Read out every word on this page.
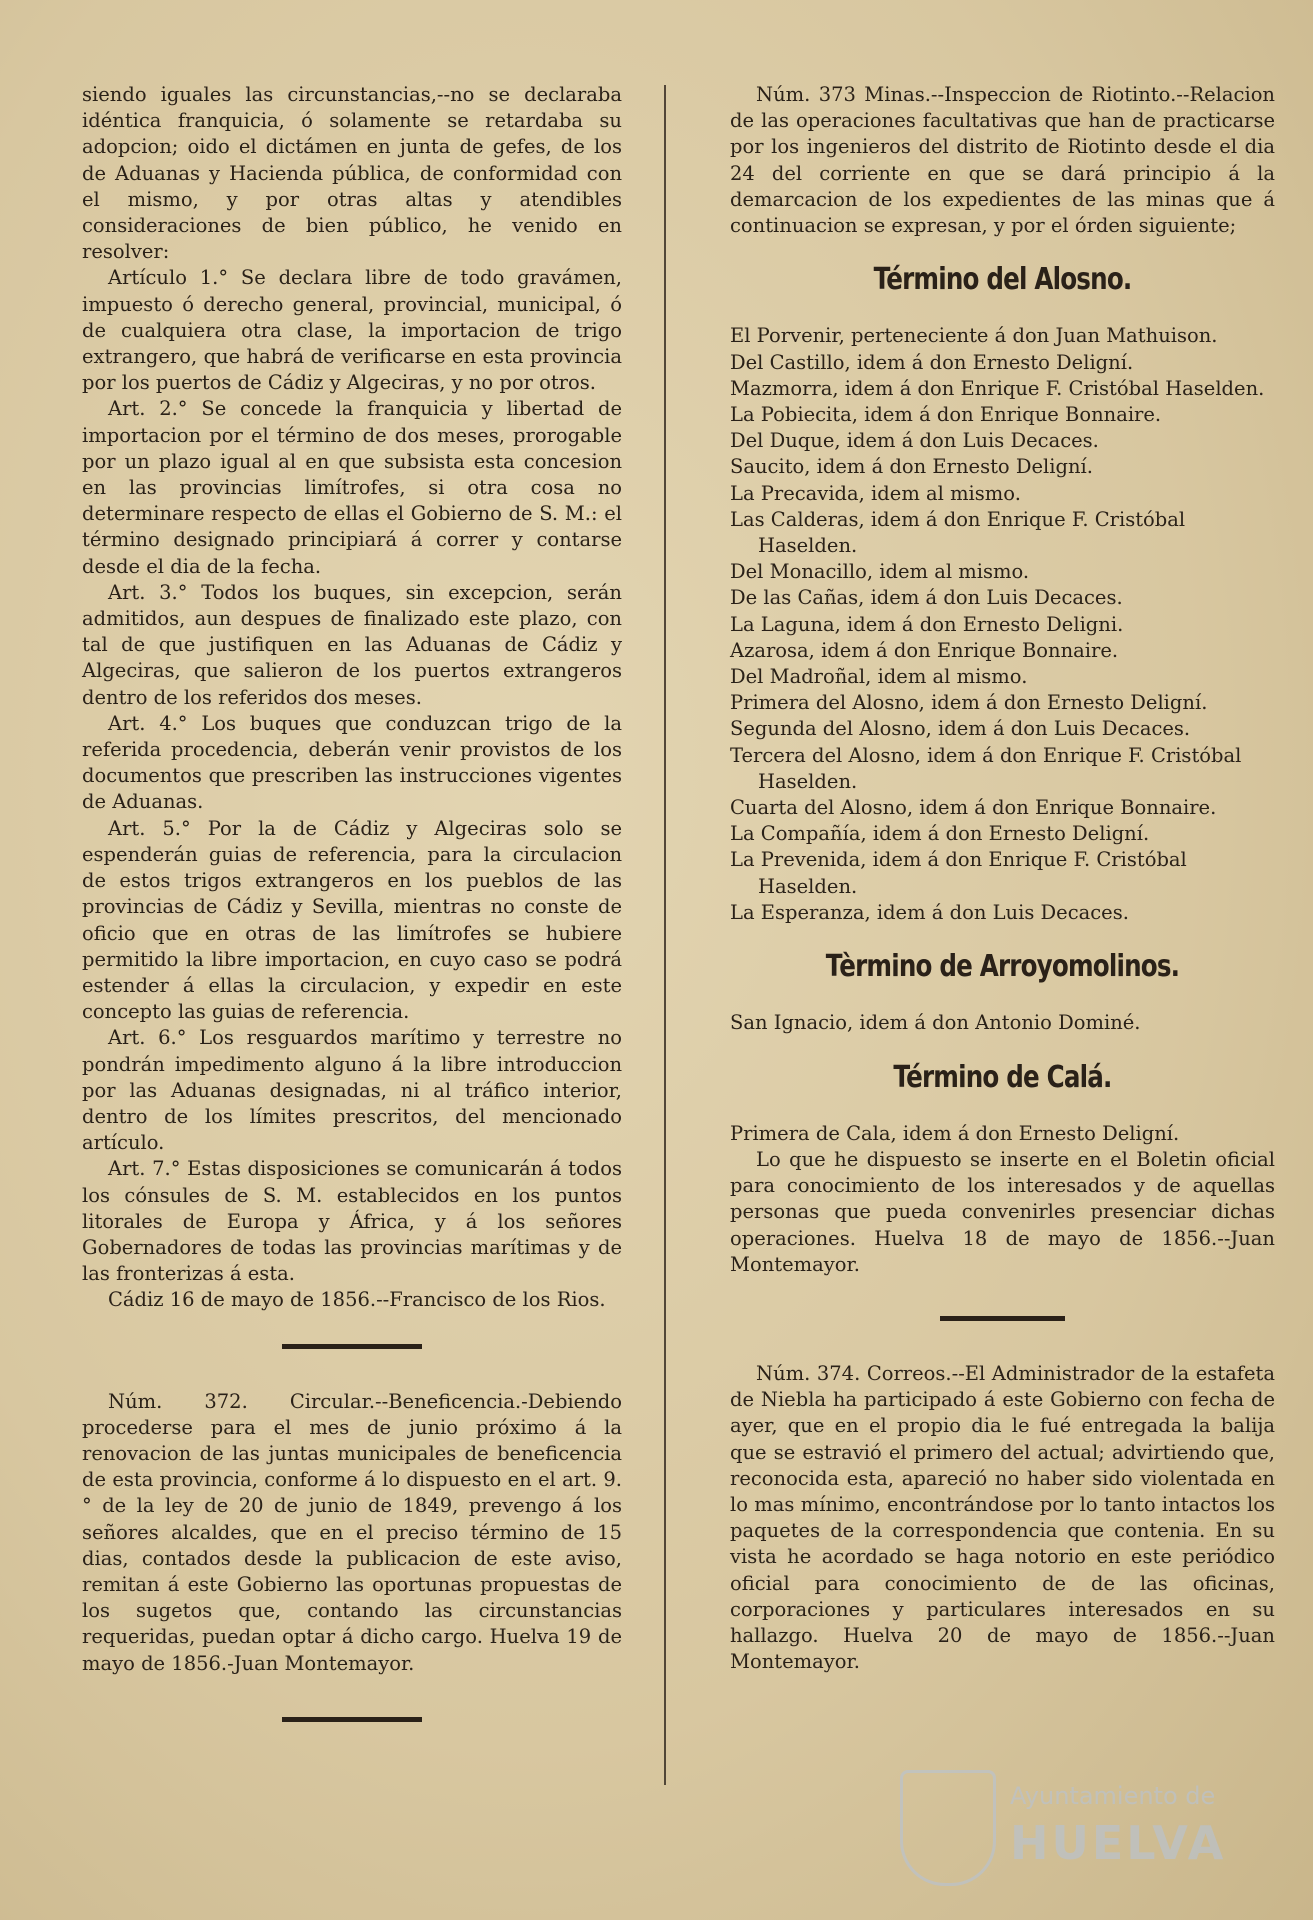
siendo iguales las circunstancias,--no se declaraba idéntica franquicia, ó solamente se retardaba su adopcion; oido el dictámen en junta de gefes, de los de Aduanas y Hacienda pública, de conformidad con el mismo, y por otras altas y atendibles consideraciones de bien público, he venido en resolver:

Artículo 1.° Se declara libre de todo gravámen, impuesto ó derecho general, provincial, municipal, ó de cualquiera otra clase, la importacion de trigo extrangero, que habrá de verificarse en esta provincia por los puertos de Cádiz y Algeciras, y no por otros.

Art. 2.° Se concede la franquicia y libertad de importacion por el término de dos meses, prorogable por un plazo igual al en que subsista esta concesion en las provincias limítrofes, si otra cosa no determinare respecto de ellas el Gobierno de S. M.: el término designado principiará á correr y contarse desde el dia de la fecha.

Art. 3.° Todos los buques, sin excepcion, serán admitidos, aun despues de finalizado este plazo, con tal de que justifiquen en las Aduanas de Cádiz y Algeciras, que salieron de los puertos extrangeros dentro de los referidos dos meses.

Art. 4.° Los buques que conduzcan trigo de la referida procedencia, deberán venir provistos de los documentos que prescriben las instrucciones vigentes de Aduanas.

Art. 5.° Por la de Cádiz y Algeciras solo se espenderán guias de referencia, para la circulacion de estos trigos extrangeros en los pueblos de las provincias de Cádiz y Sevilla, mientras no conste de oficio que en otras de las limítrofes se hubiere permitido la libre importacion, en cuyo caso se podrá estender á ellas la circulacion, y expedir en este concepto las guias de referencia.

Art. 6.° Los resguardos marítimo y terrestre no pondrán impedimento alguno á la libre introduccion por las Aduanas designadas, ni al tráfico interior, dentro de los límites prescritos, del mencionado artículo.

Art. 7.° Estas disposiciones se comunicarán á todos los cónsules de S. M. establecidos en los puntos litorales de Europa y África, y á los señores Gobernadores de todas las provincias marítimas y de las fronterizas á esta.

Cádiz 16 de mayo de 1856.--Francisco de los Rios.

Núm. 372. Circular.--Beneficencia.-Debiendo procederse para el mes de junio próximo á la renovacion de las juntas municipales de beneficencia de esta provincia, conforme á lo dispuesto en el art. 9.° de la ley de 20 de junio de 1849, prevengo á los señores alcaldes, que en el preciso término de 15 dias, contados desde la publicacion de este aviso, remitan á este Gobierno las oportunas propuestas de los sugetos que, contando las circunstancias requeridas, puedan optar á dicho cargo. Huelva 19 de mayo de 1856.-Juan Montemayor.

Núm. 373 Minas.--Inspeccion de Riotinto.--Relacion de las operaciones facultativas que han de practicarse por los ingenieros del distrito de Riotinto desde el dia 24 del corriente en que se dará principio á la demarcacion de los expedientes de las minas que á continuacion se expresan, y por el órden siguiente;

Término del Alosno.

El Porvenir, perteneciente á don Juan Mathuison.

Del Castillo, idem á don Ernesto Deligní.

Mazmorra, idem á don Enrique F. Cristóbal Haselden.

La Pobiecita, idem á don Enrique Bonnaire.

Del Duque, idem á don Luis Decaces.

Saucito, idem á don Ernesto Deligní.

La Precavida, idem al mismo.

Las Calderas, idem á don Enrique F. Cristóbal Haselden.

Del Monacillo, idem al mismo.

De las Cañas, idem á don Luis Decaces.

La Laguna, idem á don Ernesto Deligni.

Azarosa, idem á don Enrique Bonnaire.

Del Madroñal, idem al mismo.

Primera del Alosno, idem á don Ernesto Deligní.

Segunda del Alosno, idem á don Luis Decaces.

Tercera del Alosno, idem á don Enrique F. Cristóbal Haselden.

Cuarta del Alosno, idem á don Enrique Bonnaire.

La Compañía, idem á don Ernesto Deligní.

La Prevenida, idem á don Enrique F. Cristóbal Haselden.

La Esperanza, idem á don Luis Decaces.

Tèrmino de Arroyomolinos.

San Ignacio, idem á don Antonio Dominé.

Término de Calá.

Primera de Cala, idem á don Ernesto Deligní.

Lo que he dispuesto se inserte en el Boletin oficial para conocimiento de los interesados y de aquellas personas que pueda convenirles presenciar dichas operaciones. Huelva 18 de mayo de 1856.--Juan Montemayor.

Núm. 374. Correos.--El Administrador de la estafeta de Niebla ha participado á este Gobierno con fecha de ayer, que en el propio dia le fué entregada la balija que se estravió el primero del actual; advirtiendo que, reconocida esta, apareció no haber sido violentada en lo mas mínimo, encontrándose por lo tanto intactos los paquetes de la correspondencia que contenia. En su vista he acordado se haga notorio en este periódico oficial para conocimiento de de las oficinas, corporaciones y particulares interesados en su hallazgo. Huelva 20 de mayo de 1856.--Juan Montemayor.

Ayuntamiento de
HUELVA
